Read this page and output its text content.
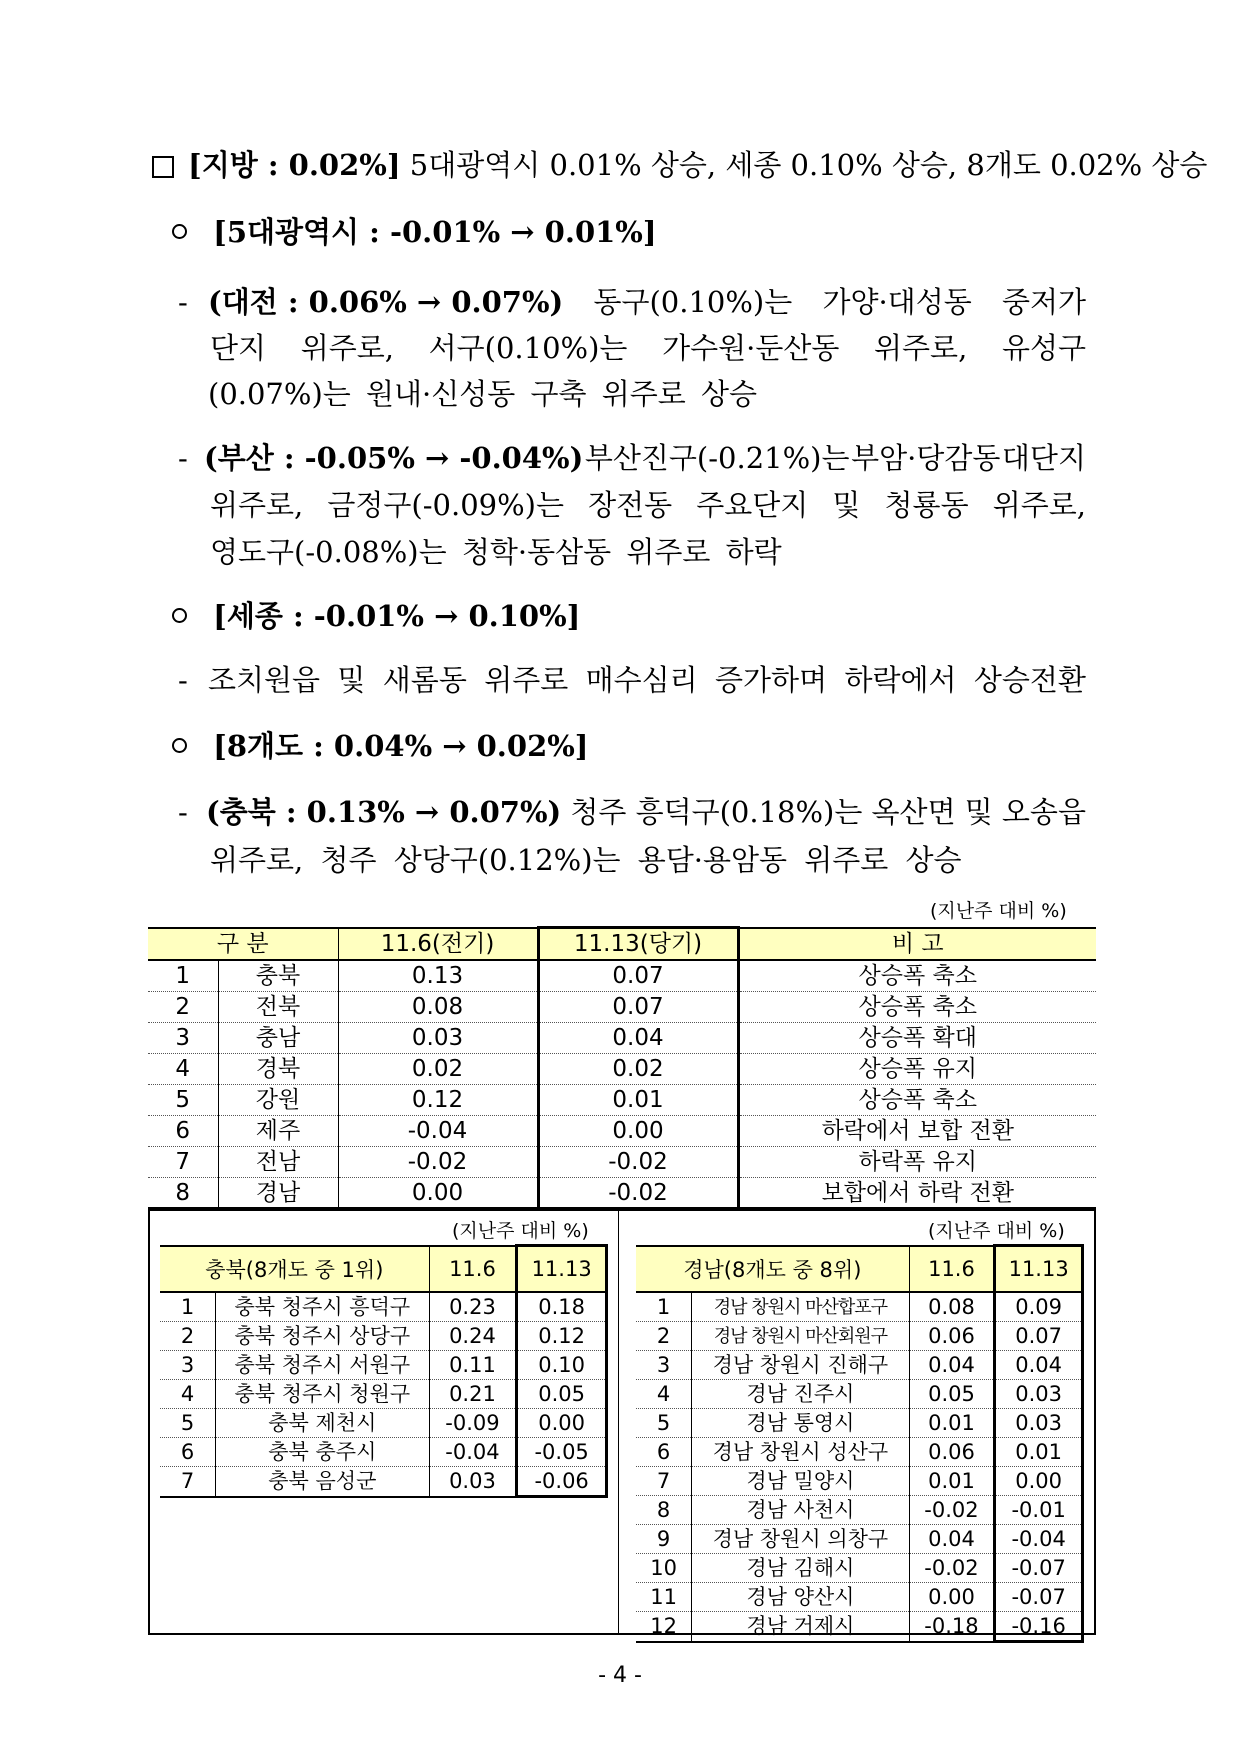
[지방 : 0.02%] 5대광역시 0.01% 상승, 세종 0.10% 상승, 8개도 0.02% 상승
[5대광역시 : -0.01% → 0.01%]
- (대전 : 0.06% → 0.07%) 동구(0.10%)는 가양·대성동 중저가
단지 위주로, 서구(0.10%)는 가수원·둔산동 위주로, 유성구
(0.07%)는 원내·신성동 구축 위주로 상승
- (부산 : -0.05% → -0.04%) 부산진구(-0.21%)는 부암·당감동 대단지
위주로, 금정구(-0.09%)는 장전동 주요단지 및 청룡동 위주로,
영도구(-0.08%)는 청학·동삼동 위주로 하락
[세종 : -0.01% → 0.10%]
- 조치원읍 및 새롬동 위주로 매수심리 증가하며 하락에서 상승전환
[8개도 : 0.04% → 0.02%]
- (충북 : 0.13% → 0.07%) 청주 흥덕구(0.18%)는 옥산면 및 오송읍
위주로, 청주 상당구(0.12%)는 용담·용암동 위주로 상승
(지난주 대비 %)
구 분		11.6(전기)	11.13(당기)	비 고
1	충북	0.13	0.07	상승폭 축소
2	전북	0.08	0.07	상승폭 축소
3	충남	0.03	0.04	상승폭 확대
4	경북	0.02	0.02	상승폭 유지
5	강원	0.12	0.01	상승폭 축소
6	제주	-0.04	0.00	하락에서 보합 전환
7	전남	-0.02	-0.02	하락폭 유지
8	경남	0.00	-0.02	보합에서 하락 전환
(지난주 대비 %)
충북(8개도 중 1위)		11.6	11.13
1	충북 청주시 흥덕구	0.23	0.18
2	충북 청주시 상당구	0.24	0.12
3	충북 청주시 서원구	0.11	0.10
4	충북 청주시 청원구	0.21	0.05
5	충북 제천시	-0.09	0.00
6	충북 충주시	-0.04	-0.05
7	충북 음성군	0.03	-0.06
(지난주 대비 %)
경남(8개도 중 8위)		11.6	11.13
1	경남 창원시 마산합포구	0.08	0.09
2	경남 창원시 마산회원구	0.06	0.07
3	경남 창원시 진해구	0.04	0.04
4	경남 진주시	0.05	0.03
5	경남 통영시	0.01	0.03
6	경남 창원시 성산구	0.06	0.01
7	경남 밀양시	0.01	0.00
8	경남 사천시	-0.02	-0.01
9	경남 창원시 의창구	0.04	-0.04
10	경남 김해시	-0.02	-0.07
11	경남 양산시	0.00	-0.07
12	경남 거제시	-0.18	-0.16
- 4 -
